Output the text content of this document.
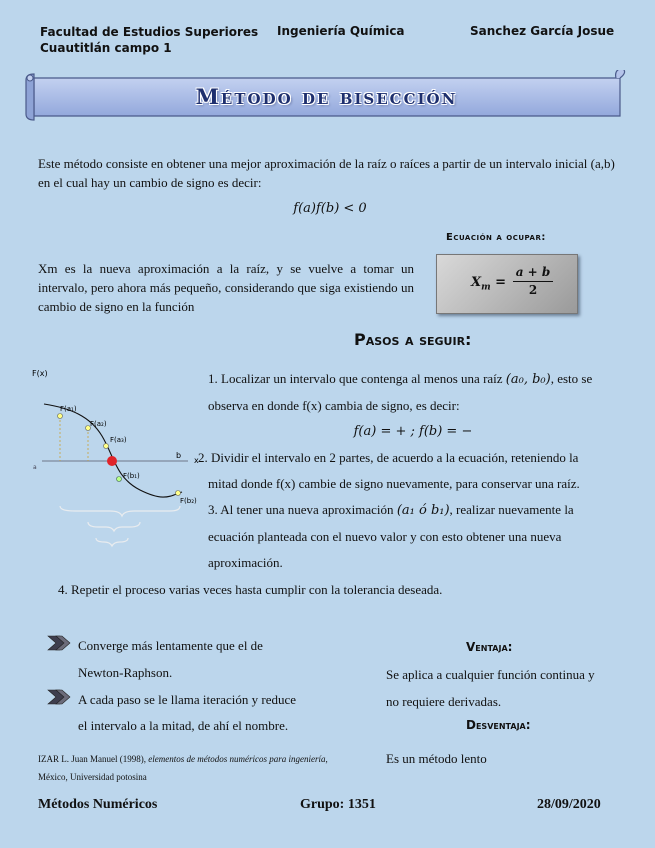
Facultad de Estudios Superiores
Cuautitlán campo 1
Ingeniería Química	Sanchez García Josue
Método de bisección
Este método consiste en obtener una mejor aproximación de la raíz o raíces a partir de un intervalo inicial (a,b) en el cual hay un cambio de signo es decir:
f(a)f(b) < 0
Ecuación a ocupar:
$X_m$ =
a + b
2
Xm es la nueva aproximación a la raíz, y se vuelve a tomar un intervalo, pero ahora más pequeño, considerando que siga existiendo un cambio de signo en la función
Pasos a seguir:
F(x)
x
b
a
F(a₁)
F(a₂)
F(a₃)
F(b₁)
F(b₂)
1. Localizar un intervalo que contenga al menos una raíz (a₀, b₀), esto se
observa en donde f(x) cambia de signo, es decir:
f(a) = + ; f(b) = −
2. Dividir el intervalo en 2 partes, de acuerdo a la ecuación, reteniendo la
mitad donde f(x) cambie de signo nuevamente, para conservar una raíz.
3. Al tener una nueva aproximación (a₁ ó b₁), realizar nuevamente la
ecuación planteada con el nuevo valor y con esto obtener una nueva
aproximación.
4. Repetir el proceso varias veces hasta cumplir con la tolerancia deseada.
Converge más lentamente que el de
Newton-Raphson.
A cada paso se le llama iteración y reduce
el intervalo a la mitad, de ahí el nombre.
Ventaja:
Se aplica a cualquier función continua y
no requiere derivadas.
Desventaja:
Es un método lento
IZAR L. Juan Manuel (1998), elementos de métodos numéricos para ingeniería, México, Universidad potosina
Métodos Numéricos	Grupo: 1351	28/09/2020
